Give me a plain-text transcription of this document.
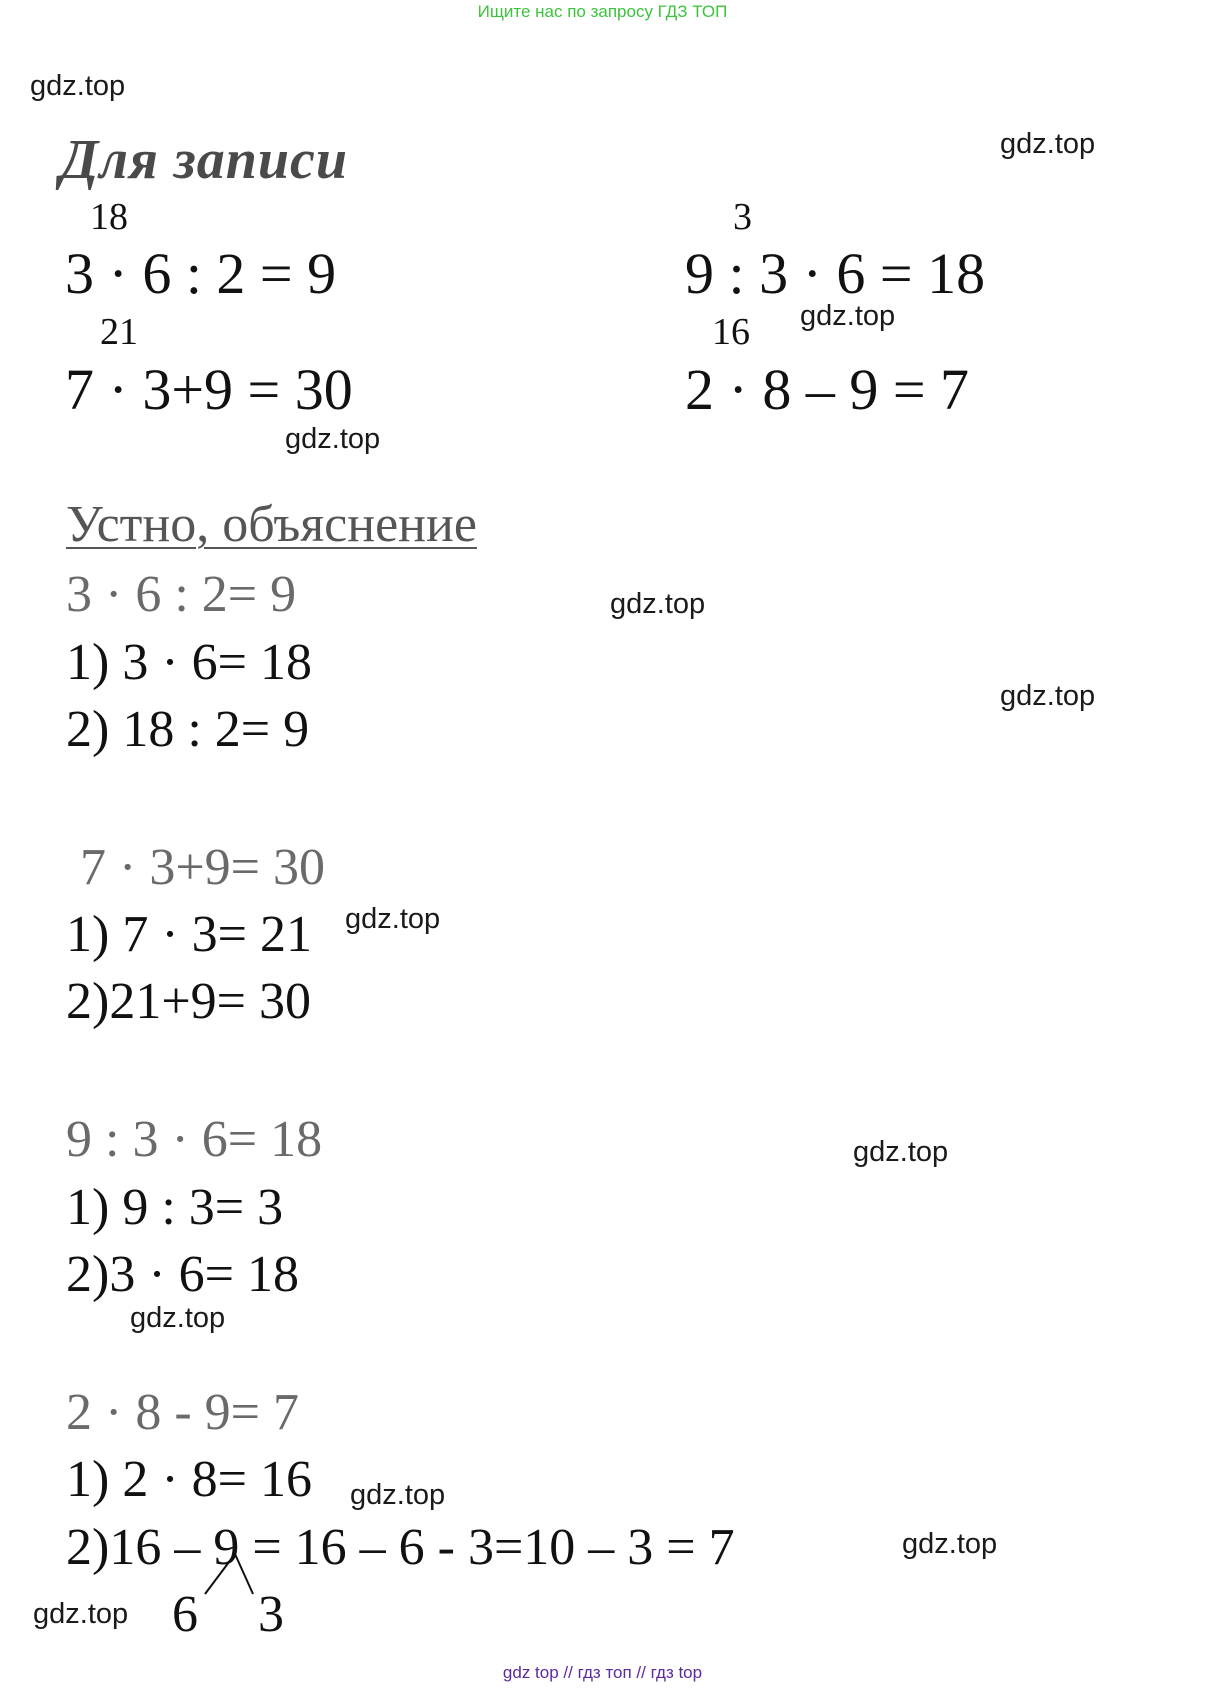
Ищите нас по запросу ГДЗ ТОП
gdz.top
gdz.top
gdz.top
gdz.top
gdz.top
gdz.top
gdz.top
gdz.top
gdz.top
gdz.top
gdz.top
gdz.top
Для записи
18
3 · 6 : 2 = 9
3
9 : 3 · 6 = 18
21
7 · 3+9 = 30
16
2 · 8 – 9 = 7
Устно, объяснение
3 · 6 : 2= 9
1) 3 · 6= 18
2) 18 : 2= 9
7 · 3+9= 30
1) 7 · 3= 21
2)21+9= 30
9 : 3 · 6= 18
1) 9 : 3= 3
2)3 · 6= 18
2 · 8 - 9= 7
1) 2 · 8= 16
2)16 – 9 = 16 – 6 - 3=10 – 3 = 7
6 3
gdz top // гдз топ // гдз top
